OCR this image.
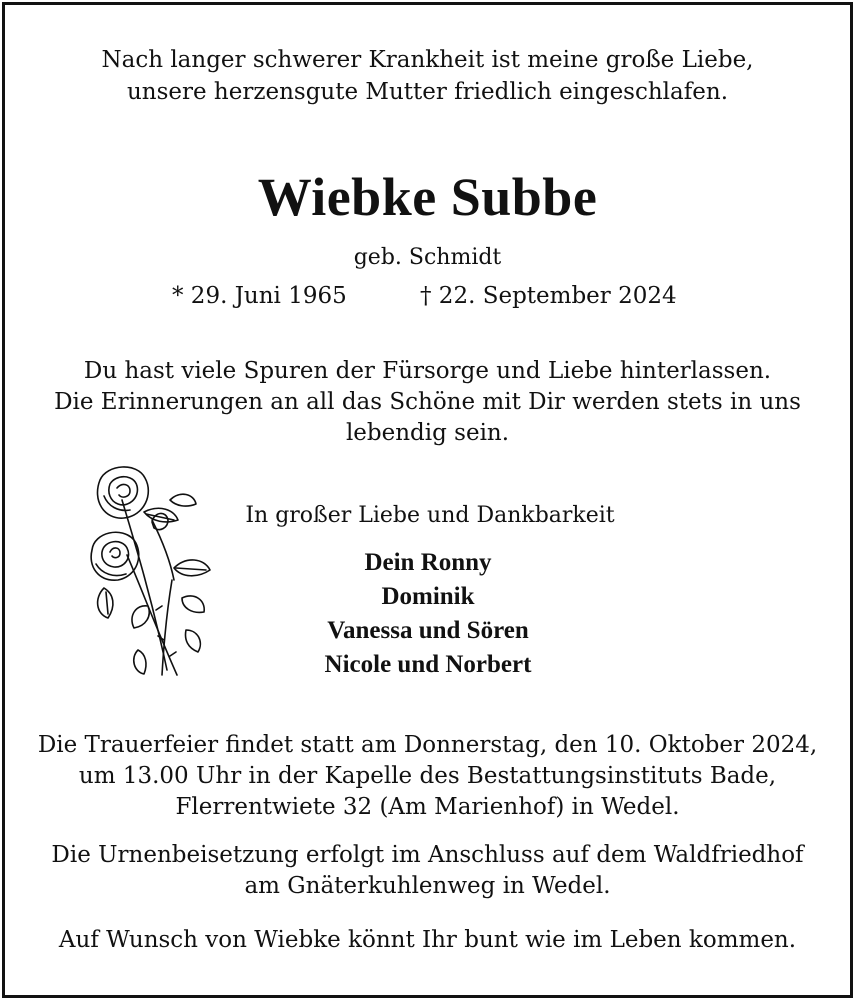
Nach langer schwerer Krankheit ist meine große Liebe,
unsere herzensgute Mutter friedlich eingeschlafen.
Wiebke Subbe
geb. Schmidt
* 29. Juni 1965	† 22. September 2024
Du hast viele Spuren der Fürsorge und Liebe hinterlassen.
Die Erinnerungen an all das Schöne mit Dir werden stets in uns
lebendig sein.
In großer Liebe und Dankbarkeit
Dein Ronny
Dominik
Vanessa und Sören
Nicole und Norbert
Die Trauerfeier findet statt am Donnerstag, den 10. Oktober 2024,
um 13.00 Uhr in der Kapelle des Bestattungsinstituts Bade,
Flerrentwiete 32 (Am Marienhof) in Wedel.
Die Urnenbeisetzung erfolgt im Anschluss auf dem Waldfriedhof
am Gnäterkuhlenweg in Wedel.
Auf Wunsch von Wiebke könnt Ihr bunt wie im Leben kommen.
